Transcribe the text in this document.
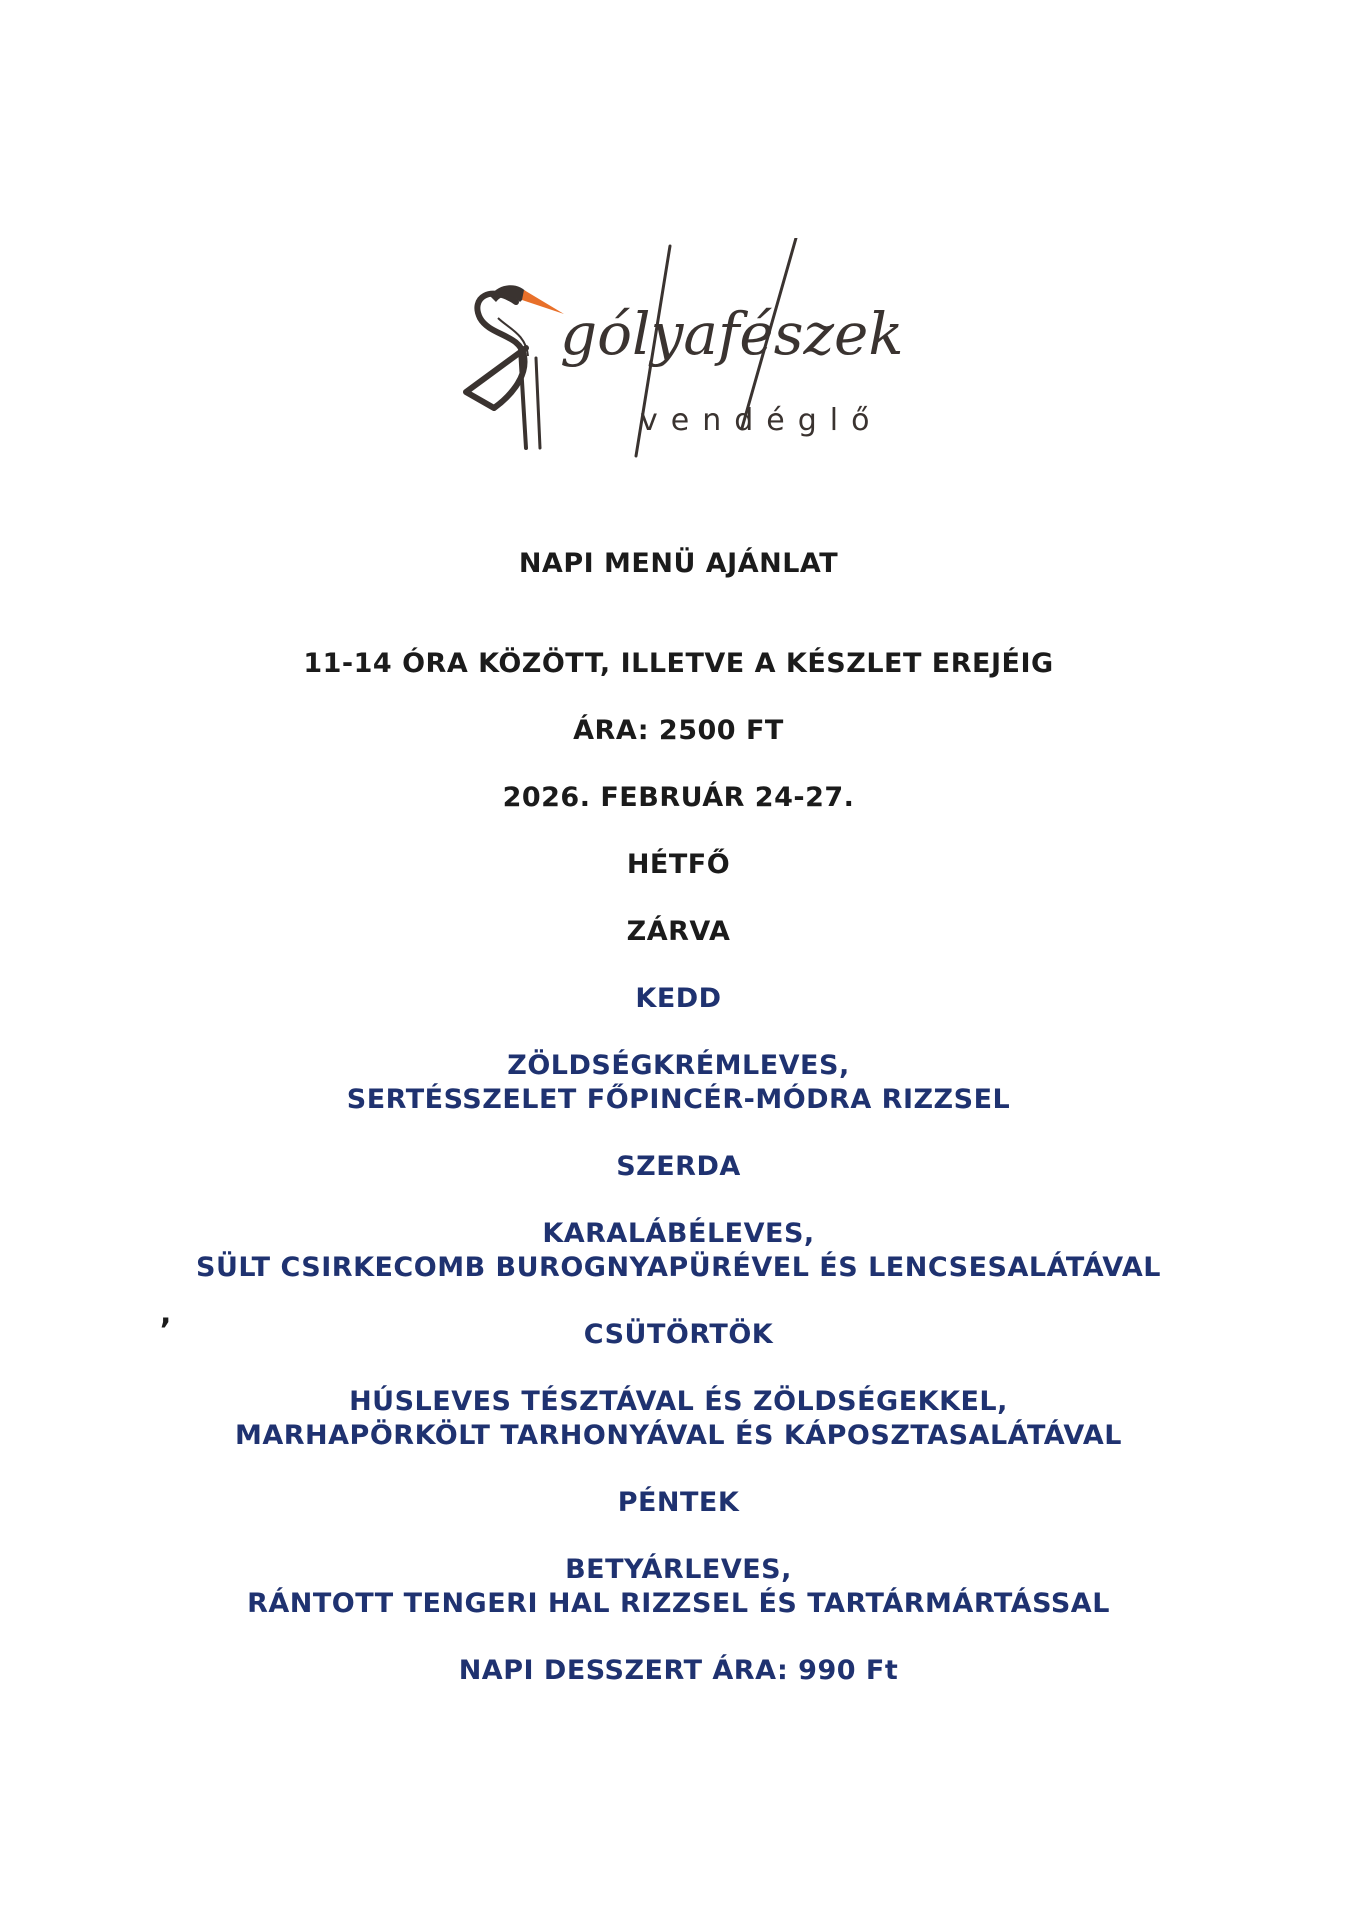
gólyafészek
vendéglő
NAPI MENÜ AJÁNLAT
11-14 ÓRA KÖZÖTT, ILLETVE A KÉSZLET EREJÉIG
ÁRA: 2500 FT
2026. FEBRUÁR 24-27.
HÉTFŐ
ZÁRVA
KEDD
ZÖLDSÉGKRÉMLEVES,
SERTÉSSZELET FŐPINCÉR-MÓDRA RIZZSEL
SZERDA
KARALÁBÉLEVES,
SÜLT CSIRKECOMB BUROGNYAPÜRÉVEL ÉS LENCSESALÁTÁVAL
,
CSÜTÖRTÖK
HÚSLEVES TÉSZTÁVAL ÉS ZÖLDSÉGEKKEL,
MARHAPÖRKÖLT TARHONYÁVAL ÉS KÁPOSZTASALÁTÁVAL
PÉNTEK
BETYÁRLEVES,
RÁNTOTT TENGERI HAL RIZZSEL ÉS TARTÁRMÁRTÁSSAL
NAPI DESSZERT ÁRA: 990 Ft
